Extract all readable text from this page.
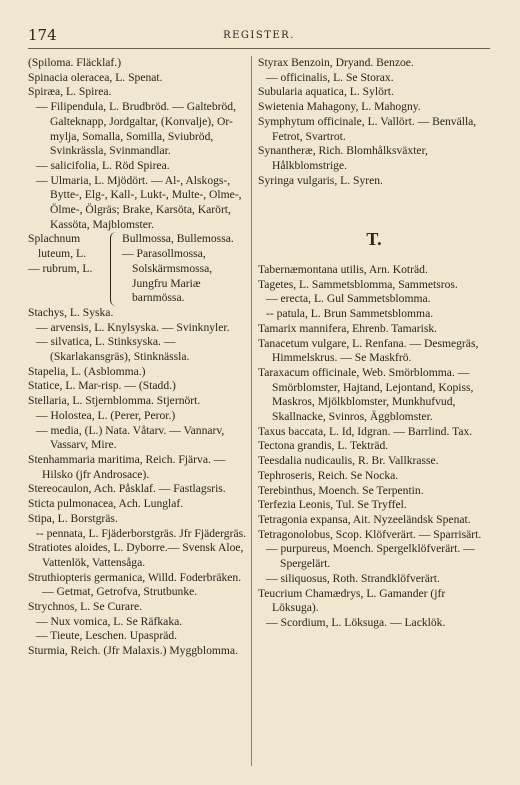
174	REGISTER.
(Spiloma. Fläcklaf.)
Spinacia oleracea, L. Spenat.
Spiræa, L. Spirea.
— Filipendula, L. Brudbröd. — Galtebröd, Galteknapp, Jordgaltar, (Konvalje), Or-mylja, Somalla, Somilla, Sviubröd, Svinkrässla, Svinmandlar.
— salicifolia, L. Röd Spirea.
— Ulmaria, L. Mjödört. — Al-, Alskogs-, Bytte-, Elg-, Kall-, Lukt-, Multe-, Olme-, Ölme-, Ölgräs; Brake, Karsöta, Karört, Kassöta, Majblomster.
Splachnum luteum, L.
— rubrum, L.
Bullmossa, Bullemossa.
— Parasollmossa, Solskärmsmossa, Jungfru Mariæ barnmössa.
Stachys, L. Syska.
— arvensis, L. Knylsyska. — Svinknyler.
— silvatica, L. Stinksyska. — (Skarlakansgräs), Stinknässla.
Stapelia, L. (Asblomma.)
Statice, L. Mar-risp. — (Stadd.)
Stellaria, L. Stjernblomma. Stjernört.
— Holostea, L. (Perer, Peror.)
— media, (L.) Nata. Våtarv. — Vannarv, Vassarv, Mire.
Stenhammaria maritima, Reich. Fjärva. — Hilsko (jfr Androsace).
Stereocaulon, Ach. Påsklaf. — Fastlagsris.
Sticta pulmonacea, Ach. Lunglaf.
Stipa, L. Borstgräs.
-- pennata, L. Fjäderborstgräs. Jfr Fjädergräs.
Stratiotes aloides, L. Dyborre.— Svensk Aloe, Vattenlök, Vattensåga.
Struthiopteris germanica, Willd. Foderbräken. — Getmat, Getrofva, Strutbunke.
Strychnos, L. Se Curare.
— Nux vomica, L. Se Räfkaka.
— Tieute, Leschen. Upaspräd.
Sturmia, Reich. (Jfr Malaxis.) Myggblomma.
Styrax Benzoin, Dryand. Benzoe.
— officinalis, L. Se Storax.
Subularia aquatica, L. Sylört.
Swietenia Mahagony, L. Mahogny.
Symphytum officinale, L. Vallört. — Benvälla, Fetrot, Svartrot.
Synantheræ, Rich. Blomhålksväxter, Hålkblomstrige.
Syringa vulgaris, L. Syren.
T.
Tabernæmontana utilis, Arn. Koträd.
Tagetes, L. Sammetsblomma, Sammetsros.
— erecta, L. Gul Sammetsblomma.
-- patula, L. Brun Sammetsblomma.
Tamarix mannifera, Ehrenb. Tamarisk.
Tanacetum vulgare, L. Renfana. — Desmegräs, Himmelskrus. — Se Maskfrö.
Taraxacum officinale, Web. Smörblomma. — Smörblomster, Hajtand, Lejontand, Kopiss, Maskros, Mjölkblomster, Munkhufvud, Skallnacke, Svinros, Äggblomster.
Taxus baccata, L. Id, Idgran. — Barrlind. Tax.
Tectona grandis, L. Tekträd.
Teesdalia nudicaulis, R. Br. Vallkrasse.
Tephroseris, Reich. Se Nocka.
Terebinthus, Moench. Se Terpentin.
Terfezia Leonis, Tul. Se Tryffel.
Tetragonia expansa, Ait. Nyzeeländsk Spenat.
Tetragonolobus, Scop. Klöfverärt. — Sparrisärt.
— purpureus, Moench. Spergelklöfverärt. — Spergelärt.
— siliquosus, Roth. Strandklöfverärt.
Teucrium Chamædrys, L. Gamander (jfr Löksuga).
— Scordium, L. Löksuga. — Lacklök.
